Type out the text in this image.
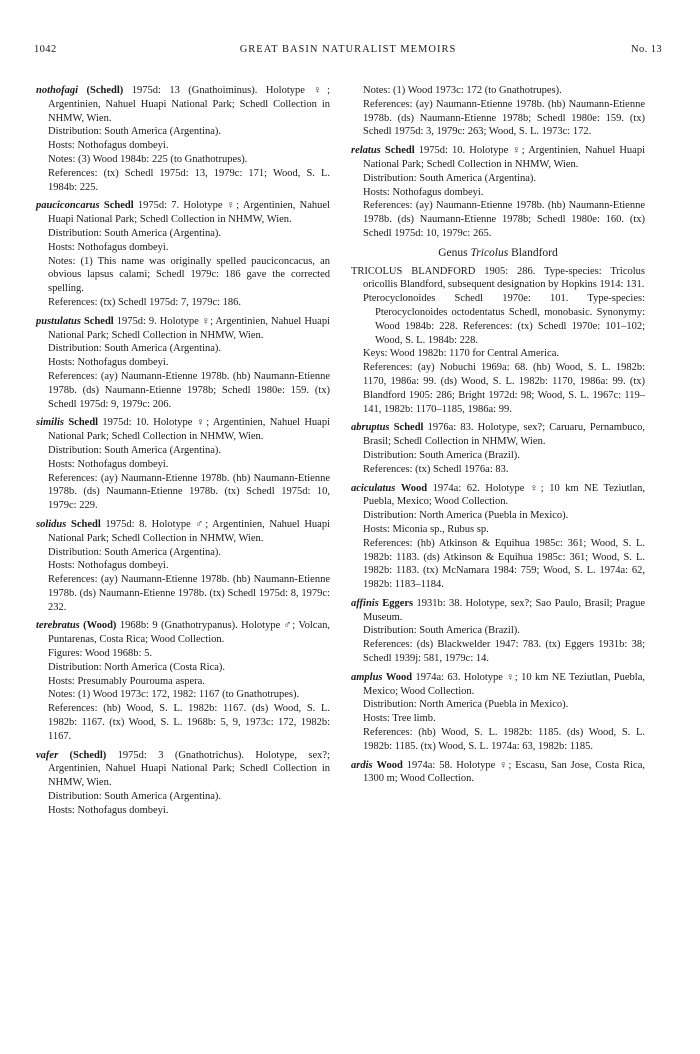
1042	GREAT BASIN NATURALIST MEMOIRS	No. 13
nothofagi (Schedl) 1975d: 13 (Gnathoiminus). Holotype ♀; Argentinien, Nahuel Huapi National Park; Schedl Collection in NHMW, Wien.
Distribution: South America (Argentina).
Hosts: Nothofagus dombeyi.
Notes: (3) Wood 1984b: 225 (to Gnathotrupes).
References: (tx) Schedl 1975d: 13, 1979c: 171; Wood, S. L. 1984b: 225.
pauciconcarus Schedl 1975d: 7. Holotype ♀; Argentinien, Nahuel Huapi National Park; Schedl Collection in NHMW, Wien.
Distribution: South America (Argentina).
Hosts: Nothofagus dombeyi.
Notes: (1) This name was originally spelled pauciconcacus, an obvious lapsus calami; Schedl 1979c: 186 gave the corrected spelling.
References: (tx) Schedl 1975d: 7, 1979c: 186.
pustulatus Schedl 1975d: 9. Holotype ♀; Argentinien, Nahuel Huapi National Park; Schedl Collection in NHMW, Wien.
Distribution: South America (Argentina).
Hosts: Nothofagus dombeyi.
References: (ay) Naumann-Etienne 1978b. (hb) Naumann-Etienne 1978b. (ds) Naumann-Etienne 1978b; Schedl 1980e: 159. (tx) Schedl 1975d: 9, 1979c: 206.
similis Schedl 1975d: 10. Holotype ♀; Argentinien, Nahuel Huapi National Park; Schedl Collection in NHMW, Wien.
Distribution: South America (Argentina).
Hosts: Nothofagus dombeyi.
References: (ay) Naumann-Etienne 1978b. (hb) Naumann-Etienne 1978b. (ds) Naumann-Etienne 1978b. (tx) Schedl 1975d: 10, 1979c: 229.
solidus Schedl 1975d: 8. Holotype ♂; Argentinien, Nahuel Huapi National Park; Schedl Collection in NHMW, Wien.
Distribution: South America (Argentina).
Hosts: Nothofagus dombeyi.
References: (ay) Naumann-Etienne 1978b. (hb) Naumann-Etienne 1978b. (ds) Naumann-Etienne 1978b. (tx) Schedl 1975d: 8, 1979c: 232.
terebratus (Wood) 1968b: 9 (Gnathotrypanus). Holotype ♂; Volcan, Puntarenas, Costa Rica; Wood Collection.
Figures: Wood 1968b: 5.
Distribution: North America (Costa Rica).
Hosts: Presumably Pourouma aspera.
Notes: (1) Wood 1973c: 172, 1982: 1167 (to Gnathotrupes).
References: (hb) Wood, S. L. 1982b: 1167. (ds) Wood, S. L. 1982b: 1167. (tx) Wood, S. L. 1968b: 5, 9, 1973c: 172, 1982b: 1167.
vafer (Schedl) 1975d: 3 (Gnathotrichus). Holotype, sex?; Argentinien, Nahuel Huapi National Park; Schedl Collection in NHMW, Wien.
Distribution: South America (Argentina).
Hosts: Nothofagus dombeyi.
Notes: (1) Wood 1973c: 172 (to Gnathotrupes).
References: (ay) Naumann-Etienne 1978b. (hb) Naumann-Etienne 1978b. (ds) Naumann-Etienne 1978b; Schedl 1980e: 159. (tx) Schedl 1975d: 3, 1979c: 263; Wood, S. L. 1973c: 172.
relatus Schedl 1975d: 10. Holotype ♀; Argentinien, Nahuel Huapi National Park; Schedl Collection in NHMW, Wien.
Distribution: South America (Argentina).
Hosts: Nothofagus dombeyi.
References: (ay) Naumann-Etienne 1978b. (hb) Naumann-Etienne 1978b. (ds) Naumann-Etienne 1978b; Schedl 1980e: 160. (tx) Schedl 1975d: 10, 1979c: 265.
Genus Tricolus Blandford
TRICOLUS BLANDFORD 1905: 286. Type-species: Tricolus oricollis Blandford, subsequent designation by Hopkins 1914: 131.
Pterocyclonoides Schedl 1970e: 101. Type-species: Pterocyclonoides octodentatus Schedl, monobasic. Synonymy: Wood 1984b: 228. References: (tx) Schedl 1970e: 101–102; Wood, S. L. 1984b: 228.
Keys: Wood 1982b: 1170 for Central America.
References: (ay) Nobuchi 1969a: 68. (hb) Wood, S. L. 1982b: 1170, 1986a: 99. (ds) Wood, S. L. 1982b: 1170, 1986a: 99. (tx) Blandford 1905: 286; Bright 1972d: 98; Wood, S. L. 1967c: 119–141, 1982b: 1170–1185, 1986a: 99.
abruptus Schedl 1976a: 83. Holotype, sex?; Caruaru, Pernambuco, Brasil; Schedl Collection in NHMW, Wien.
Distribution: South America (Brazil).
References: (tx) Schedl 1976a: 83.
aciculatus Wood 1974a: 62. Holotype ♀; 10 km NE Teziutlan, Puebla, Mexico; Wood Collection.
Distribution: North America (Puebla in Mexico).
Hosts: Miconia sp., Rubus sp.
References: (hb) Atkinson & Equihua 1985c: 361; Wood, S. L. 1982b: 1183. (ds) Atkinson & Equihua 1985c: 361; Wood, S. L. 1982b: 1183. (tx) McNamara 1984: 759; Wood, S. L. 1974a: 62, 1982b: 1183–1184.
affinis Eggers 1931b: 38. Holotype, sex?; Sao Paulo, Brasil; Prague Museum.
Distribution: South America (Brazil).
References: (ds) Blackwelder 1947: 783. (tx) Eggers 1931b: 38; Schedl 1939j: 581, 1979c: 14.
amplus Wood 1974a: 63. Holotype ♀; 10 km NE Teziutlan, Puebla, Mexico; Wood Collection.
Distribution: North America (Puebla in Mexico).
Hosts: Tree limb.
References: (hb) Wood, S. L. 1982b: 1185. (ds) Wood, S. L. 1982b: 1185. (tx) Wood, S. L. 1974a: 63, 1982b: 1185.
ardis Wood 1974a: 58. Holotype ♀; Escasu, San Jose, Costa Rica, 1300 m; Wood Collection.
